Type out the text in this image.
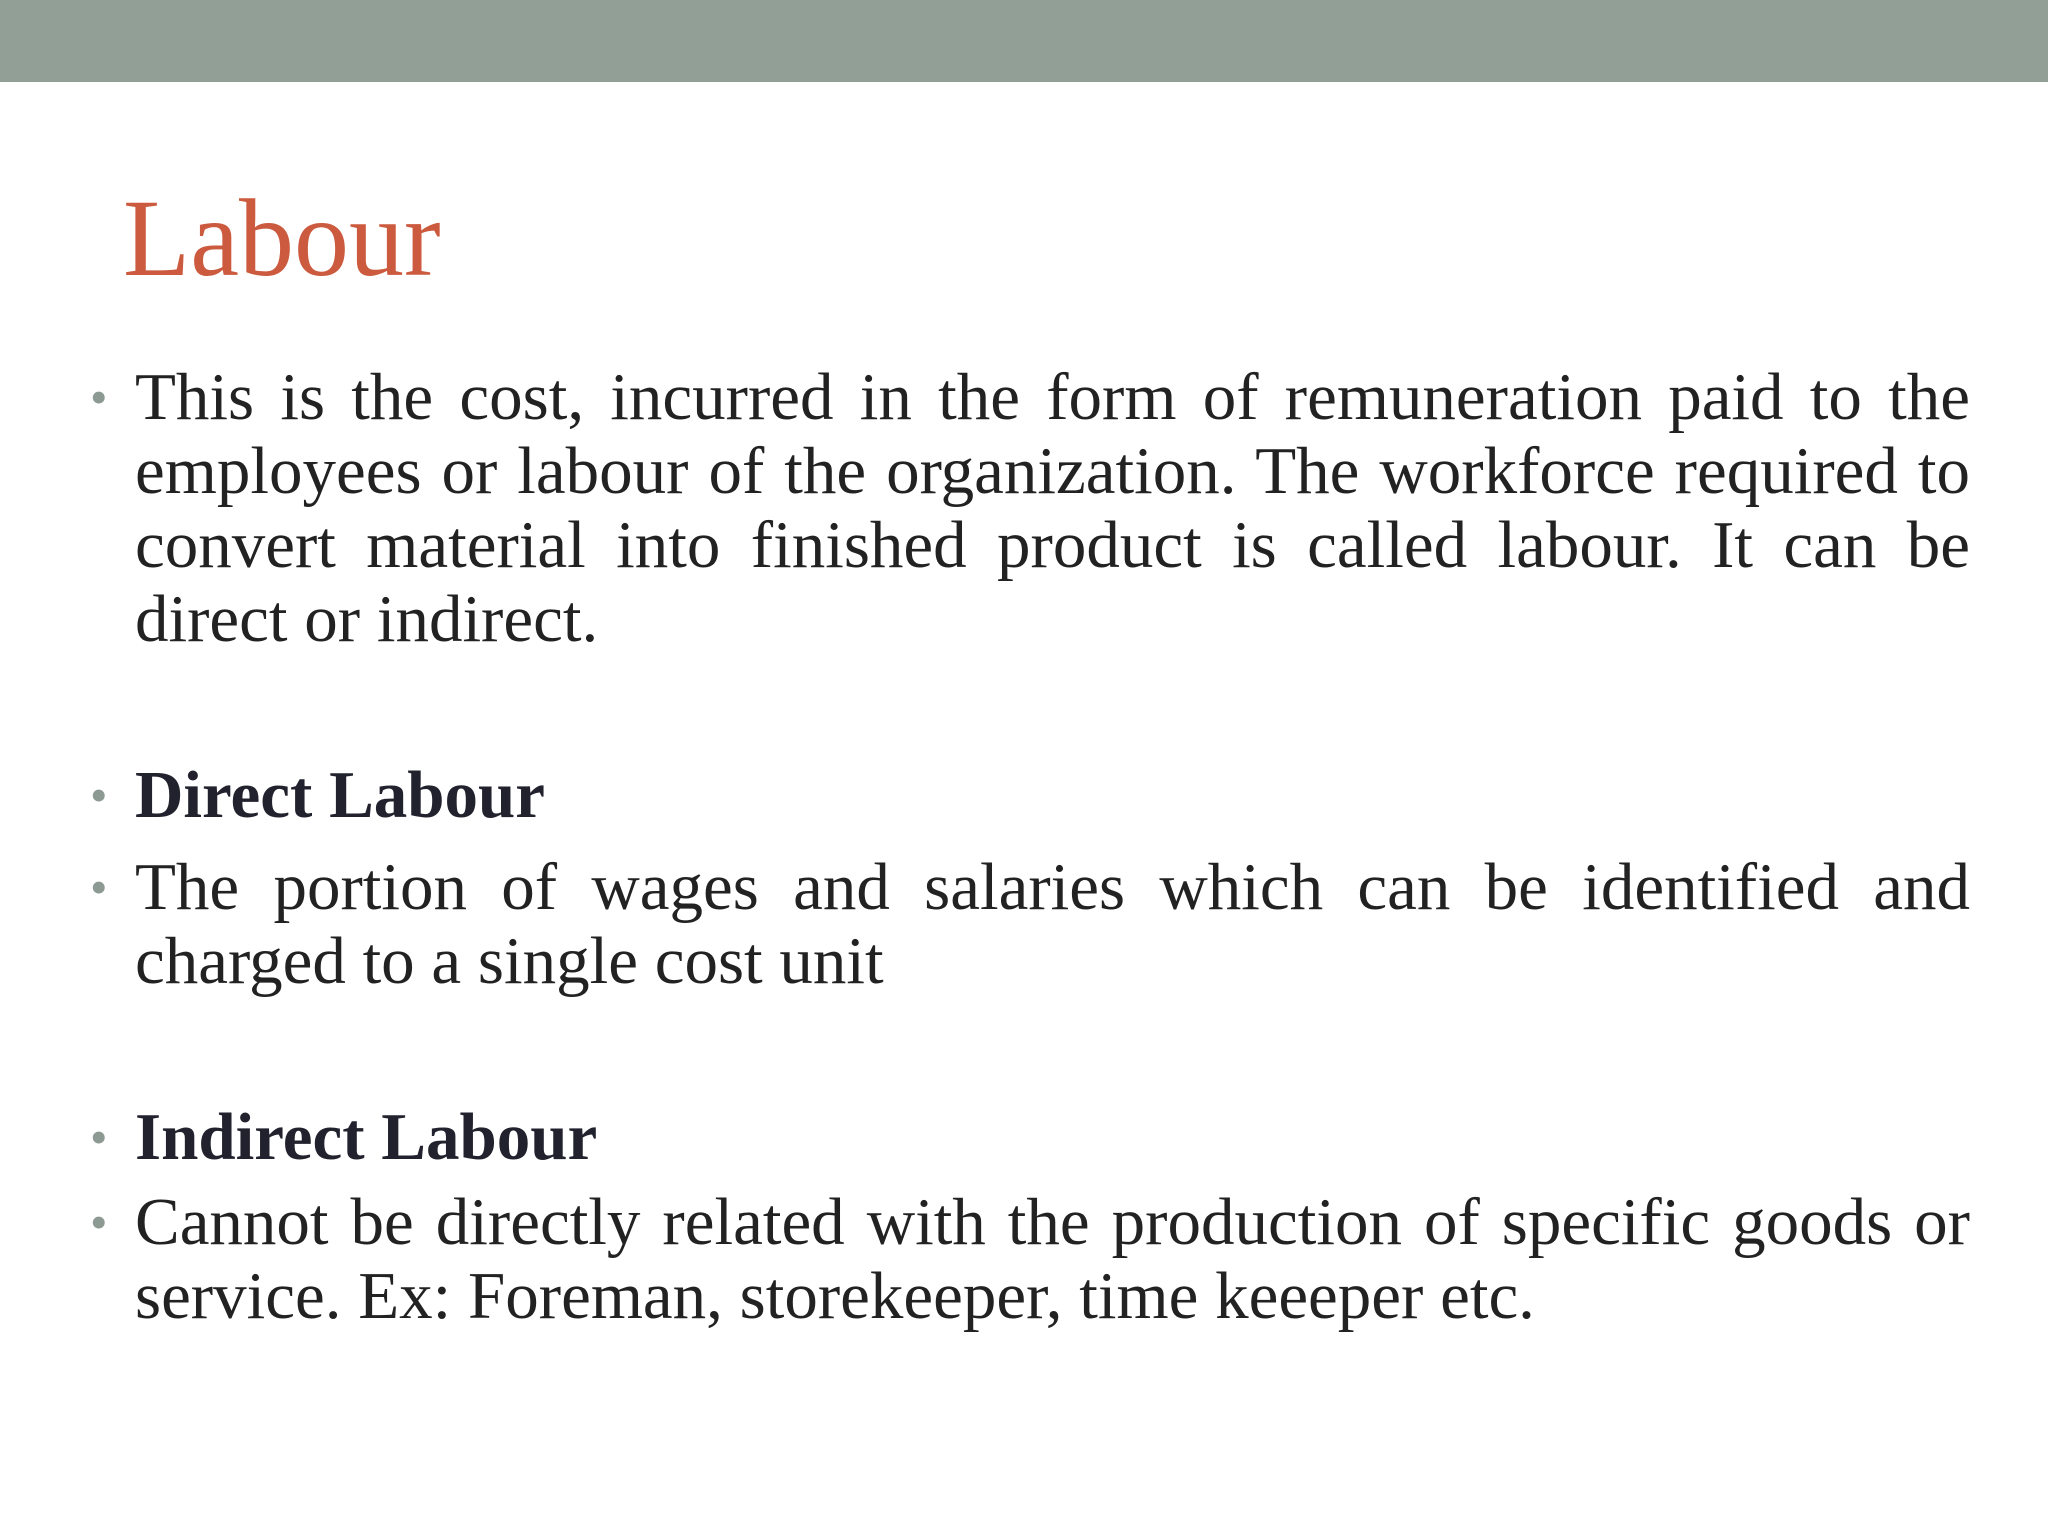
Labour
• This is the cost, incurred in the form of remuneration paid to the employees or labour of the organization. The workforce required to convert material into finished product is called labour. It can be direct or indirect.
• Direct Labour
• The portion of wages and salaries which can be identified and charged to a single cost unit
• Indirect Labour
• Cannot be directly related with the production of specific goods or service. Ex: Foreman, storekeeper, time keeeper etc.
